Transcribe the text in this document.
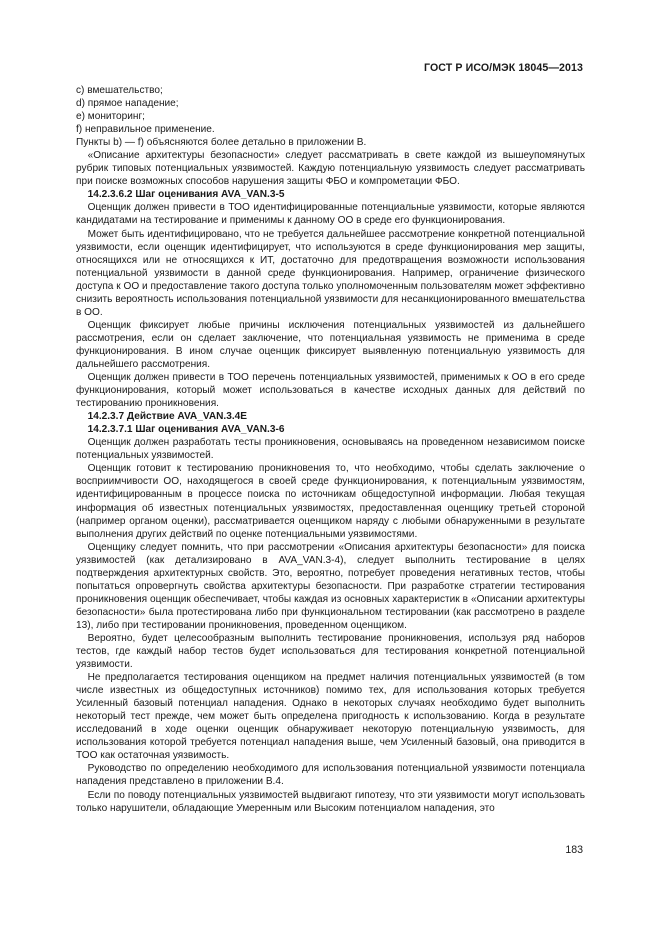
ГОСТ Р ИСО/МЭК 18045—2013

c) вмешательство;

d) прямое нападение;

e) мониторинг;

f) неправильное применение.

Пункты b) — f) объясняются более детально в приложении В.

«Описание архитектуры безопасности» следует рассматривать в свете каждой из вышеупомянутых рубрик типовых потенциальных уязвимостей. Каждую потенциальную уязвимость следует рассматривать при поиске возможных способов нарушения защиты ФБО и компрометации ФБО.

14.2.3.6.2 Шаг оценивания AVA_VAN.3-5

Оценщик должен привести в ТОО идентифицированные потенциальные уязвимости, которые являются кандидатами на тестирование и применимы к данному ОО в среде его функционирования.

Может быть идентифицировано, что не требуется дальнейшее рассмотрение конкретной потенциальной уязвимости, если оценщик идентифицирует, что используются в среде функционирования мер защиты, относящихся или не относящихся к ИТ, достаточно для предотвращения возможности использования потенциальной уязвимости в данной среде функционирования. Например, ограничение физического доступа к ОО и предоставление такого доступа только уполномоченным пользователям может эффективно снизить вероятность использования потенциальной уязвимости для несанкционированного вмешательства в ОО.

Оценщик фиксирует любые причины исключения потенциальных уязвимостей из дальнейшего рассмотрения, если он сделает заключение, что потенциальная уязвимость не применима в среде функционирования. В ином случае оценщик фиксирует выявленную потенциальную уязвимость для дальнейшего рассмотрения.

Оценщик должен привести в ТОО перечень потенциальных уязвимостей, применимых к ОО в его среде функционирования, который может использоваться в качестве исходных данных для действий по тестированию проникновения.

14.2.3.7 Действие AVA_VAN.3.4E

14.2.3.7.1 Шаг оценивания AVA_VAN.3-6

Оценщик должен разработать тесты проникновения, основываясь на проведенном независимом поиске потенциальных уязвимостей.

Оценщик готовит к тестированию проникновения то, что необходимо, чтобы сделать заключение о восприимчивости ОО, находящегося в своей среде функционирования, к потенциальным уязвимостям, идентифицированным в процессе поиска по источникам общедоступной информации. Любая текущая информация об известных потенциальных уязвимостях, предоставленная оценщику третьей стороной (например органом оценки), рассматривается оценщиком наряду с любыми обнаруженными в результате выполнения других действий по оценке потенциальными уязвимостями.

Оценщику следует помнить, что при рассмотрении «Описания архитектуры безопасности» для поиска уязвимостей (как детализировано в AVA_VAN.3-4), следует выполнить тестирование в целях подтверждения архитектурных свойств. Это, вероятно, потребует проведения негативных тестов, чтобы попытаться опровергнуть свойства архитектуры безопасности. При разработке стратегии тестирования проникновения оценщик обеспечивает, чтобы каждая из основных характеристик в «Описании архитектуры безопасности» была протестирована либо при функциональном тестировании (как рассмотрено в разделе 13), либо при тестировании проникновения, проведенном оценщиком.

Вероятно, будет целесообразным выполнить тестирование проникновения, используя ряд наборов тестов, где каждый набор тестов будет использоваться для тестирования конкретной потенциальной уязвимости.

Не предполагается тестирования оценщиком на предмет наличия потенциальных уязвимостей (в том числе известных из общедоступных источников) помимо тех, для использования которых требуется Усиленный базовый потенциал нападения. Однако в некоторых случаях необходимо будет выполнить некоторый тест прежде, чем может быть определена пригодность к использованию. Когда в результате исследований в ходе оценки оценщик обнаруживает некоторую потенциальную уязвимость, для использования которой требуется потенциал нападения выше, чем Усиленный базовый, она приводится в ТОО как остаточная уязвимость.

Руководство по определению необходимого для использования потенциальной уязвимости потенциала нападения представлено в приложении В.4.

Если по поводу потенциальных уязвимостей выдвигают гипотезу, что эти уязвимости могут использовать только нарушители, обладающие Умеренным или Высоким потенциалом нападения, это

183
